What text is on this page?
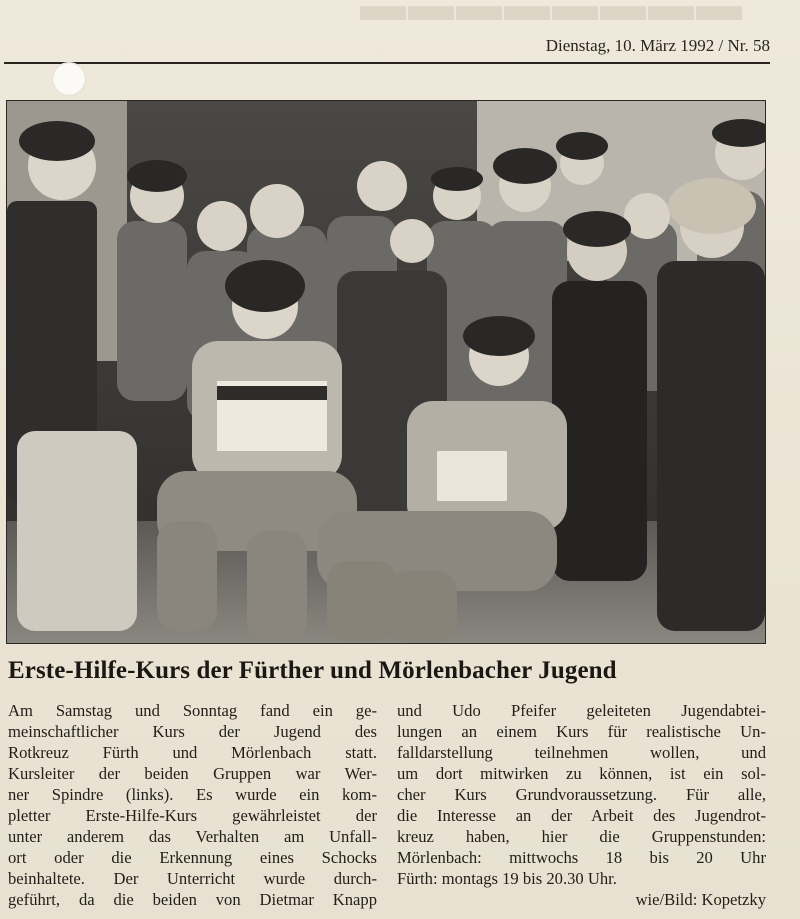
▬▬▬▬▬▬▬▬
Dienstag, 10. März 1992 / Nr. 58
Erste-Hilfe-Kurs der Fürther und Mörlenbacher Jugend
Am Samstag und Sonntag fand ein ge-
meinschaftlicher Kurs der Jugend des
Rotkreuz Fürth und Mörlenbach statt.
Kursleiter der beiden Gruppen war Wer-
ner Spindre (links). Es wurde ein kom-
pletter Erste-Hilfe-Kurs gewährleistet der
unter anderem das Verhalten am Unfall-
ort oder die Erkennung eines Schocks
beinhaltete. Der Unterricht wurde durch-
geführt, da die beiden von Dietmar Knapp
und Udo Pfeifer geleiteten Jugendabtei-
lungen an einem Kurs für realistische Un-
falldarstellung teilnehmen wollen, und
um dort mitwirken zu können, ist ein sol-
cher Kurs Grundvoraussetzung. Für alle,
die Interesse an der Arbeit des Jugendrot-
kreuz haben, hier die Gruppenstunden:
Mörlenbach: mittwochs 18 bis 20 Uhr
Fürth: montags 19 bis 20.30 Uhr.
wie/Bild: Kopetzky
